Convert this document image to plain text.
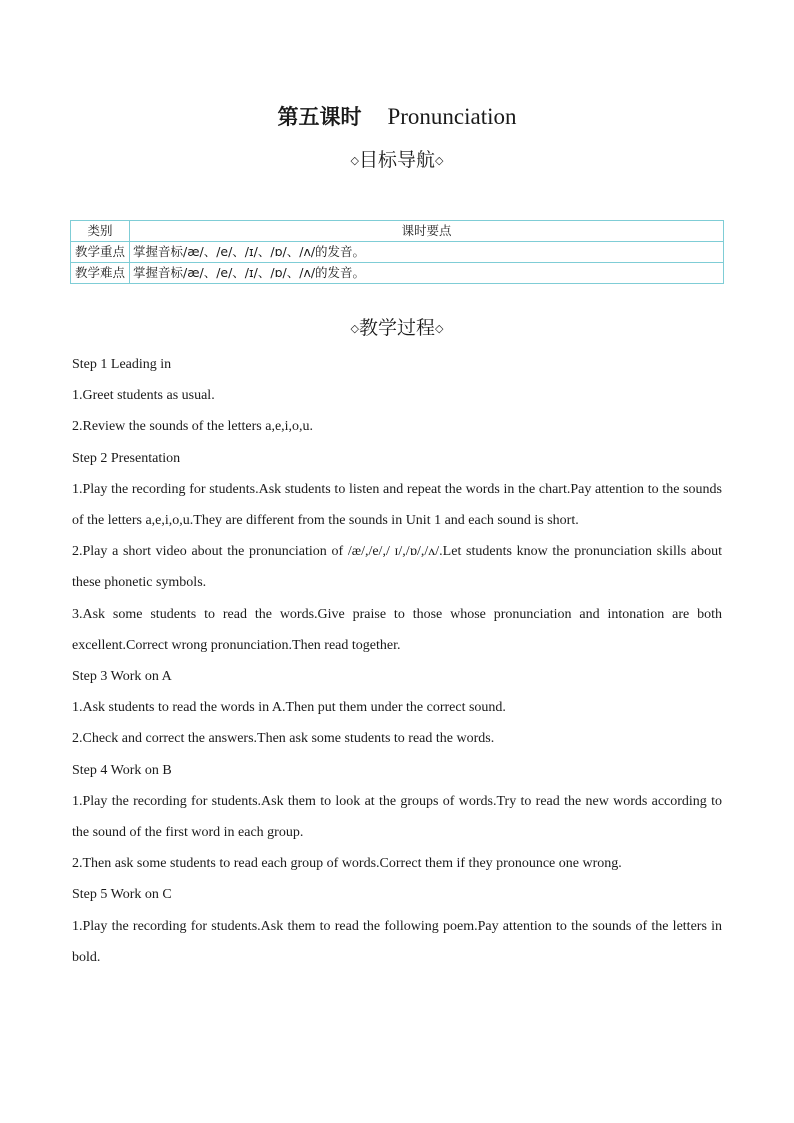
第五课时 Pronunciation
◇目标导航◇
类别	课时要点
教学重点	掌握音标/æ/、/e/、/ɪ/、/ɒ/、/ʌ/的发音。
教学难点	掌握音标/æ/、/e/、/ɪ/、/ɒ/、/ʌ/的发音。
◇教学过程◇

Step 1 Leading in

1.Greet students as usual.

2.Review the sounds of the letters a,e,i,o,u.

Step 2 Presentation

1.Play the recording for students.Ask students to listen and repeat the words in the chart.Pay attention to the sounds of the letters a,e,i,o,u.They are different from the sounds in Unit 1 and each sound is short.

2.Play a short video about the pronunciation of /æ/,/e/,/ ɪ/,/ɒ/,/ʌ/.Let students know the pronunciation skills about these phonetic symbols.

3.Ask some students to read the words.Give praise to those whose pronunciation and intonation are both excellent.Correct wrong pronunciation.Then read together.

Step 3 Work on A

1.Ask students to read the words in A.Then put them under the correct sound.

2.Check and correct the answers.Then ask some students to read the words.

Step 4 Work on B

1.Play the recording for students.Ask them to look at the groups of words.Try to read the new words according to the sound of the first word in each group.

2.Then ask some students to read each group of words.Correct them if they pronounce one wrong.

Step 5 Work on C

1.Play the recording for students.Ask them to read the following poem.Pay attention to the sounds of the letters in bold.
